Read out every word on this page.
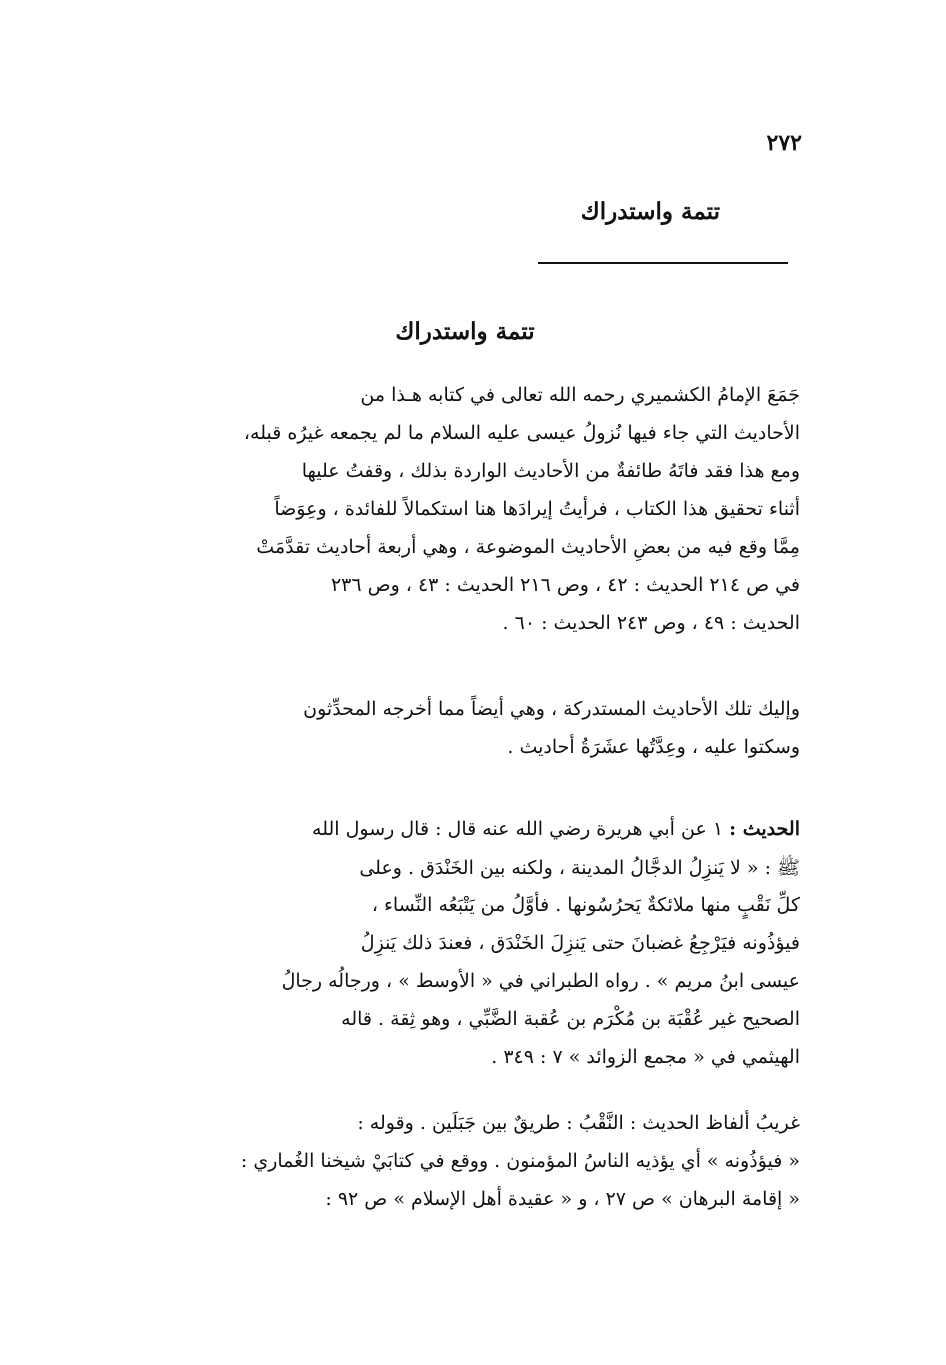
٢٧٢
تتمة واستدراك
تتمة واستدراك
جَمَعَ الإمامُ الكشميري رحمه الله تعالى في كتابه هـذا من
الأحاديث التي جاء فيها نُزولُ عيسى عليه السلام ما لم يجمعه غيرُه قبله،
ومع هذا فقد فاتَهُ طائفةٌ من الأحاديث الواردة بذلك ، وقفتُ عليها
أثناء تحقيق هذا الكتاب ، فرأيتُ إيرادَها هنا استكمالاً للفائدة ، وعِوَضاً
مِمَّا وقع فيه من بعضِ الأحاديث الموضوعة ، وهي أربعة أحاديث تقدَّمَتْ
في ص ٢١٤ الحديث : ٤٢ ، وص ٢١٦ الحديث : ٤٣ ، وص ٢٣٦
الحديث : ٤٩ ، وص ٢٤٣ الحديث : ٦٠ .
وإليك تلك الأحاديث المستدركة ، وهي أيضاً مما أخرجه المحدِّثون
وسكتوا عليه ، وعِدَّتُها عشَرَةُ أحاديث .
الحديث : ١ عن أبي هريرة رضي الله عنه قال : قال رسول الله
ﷺ : « لا يَنزِلُ الدجَّالُ المدينة ، ولكنه بين الخَنْدَق . وعلى
كلِّ نَقْبٍ منها ملائكةٌ يَحرُسُونها . فأوَّلُ من يَتْبَعُه النِّساء ،
فيؤذُونه فيَرْجِعُ غضبانَ حتى يَنزِلَ الخَنْدَق ، فعندَ ذلك يَنزِلُ
عيسى ابنُ مريم » . رواه الطبراني في « الأوسط » ، ورجالُه رجالُ
الصحيح غير عُقْبَة بن مُكْرَم بن عُقبة الضَّبِّي ، وهو ثِقة . قاله
الهيثمي في « مجمع الزوائد » ٧ : ٣٤٩ .
غريبُ ألفاظ الحديث : النَّقْبُ : طريقٌ بين جَبَلَين . وقوله :
« فيؤذُونه » أي يؤذيه الناسُ المؤمنون . ووقع في كتابَيْ شيخنا الغُماري :
« إقامة البرهان » ص ٢٧ ، و « عقيدة أهل الإسلام » ص ٩٢ :
